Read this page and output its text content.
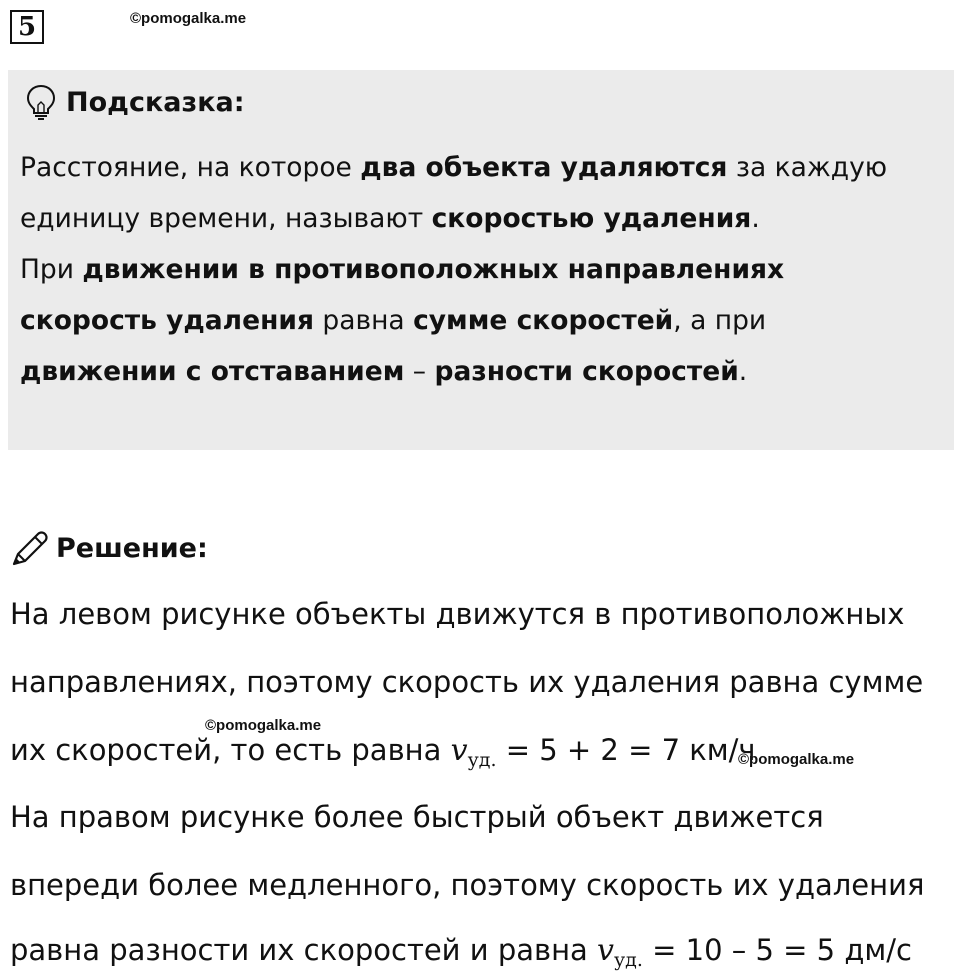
5	©pomogalka.me
Подсказка:
Расстояние, на которое два объекта удаляются за каждую
единицу времени, называют скоростью удаления.
При движении в противоположных направлениях
скорость удаления равна сумме скоростей, а при
движении с отставанием – разности скоростей.
Решение:
На левом рисунке объекты движутся в противоположных
направлениях, поэтому скорость их удаления равна сумме
их скоростей, то есть равна $v_{уд.} = 5 + 2 = 7$ км/ч
©pomogalka.me
©pomogalka.me
На правом рисунке более быстрый объект движется
впереди более медленного, поэтому скорость их удаления
равна разности их скоростей и равна $v_{уд.} = 10 - 5 = 5$ дм/с
